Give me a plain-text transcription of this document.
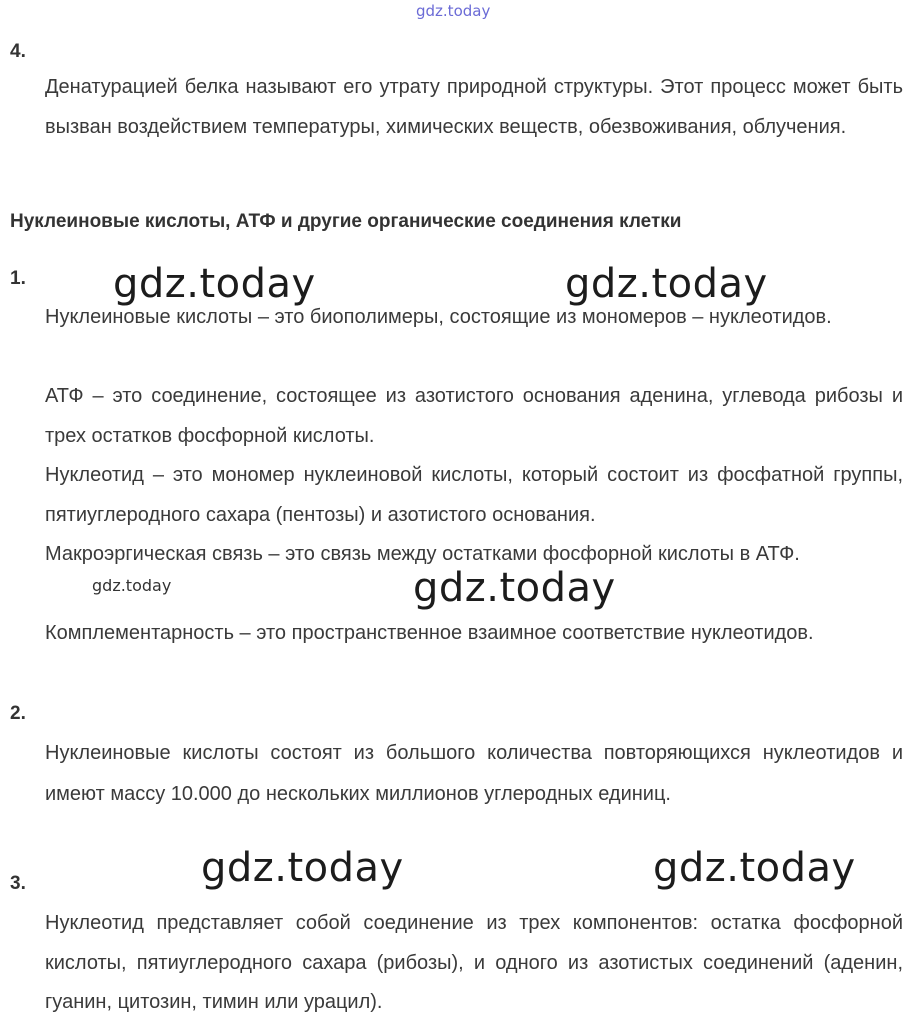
gdz.today
4.
Денатурацией белка называют его утрату природной структуры. Этот процесс может быть вызван воздействием температуры, химических веществ, обезвоживания, облучения.
Нуклеиновые кислоты, АТФ и другие органические соединения клетки
1. gdz.today	gdz.today
Нуклеиновые кислоты – это биополимеры, состоящие из мономеров – нуклеотидов.
АТФ – это соединение, состоящее из азотистого основания аденина, углевода рибозы и трех остатков фосфорной кислоты.
Нуклеотид – это мономер нуклеиновой кислоты, который состоит из фосфатной группы, пятиуглеродного сахара (пентозы) и азотистого основания.
Макроэргическая связь – это связь между остатками фосфорной кислоты в АТФ.
gdz.today	gdz.today
Комплементарность – это пространственное взаимное соответствие нуклеотидов.
2.
Нуклеиновые кислоты состоят из большого количества повторяющихся нуклеотидов и имеют массу 10.000 до нескольких миллионов углеродных единиц.
gdz.today	gdz.today
3.
Нуклеотид представляет собой соединение из трех компонентов: остатка фосфорной кислоты, пятиуглеродного сахара (рибозы), и одного из азотистых соединений (аденин, гуанин, цитозин, тимин или урацил).
